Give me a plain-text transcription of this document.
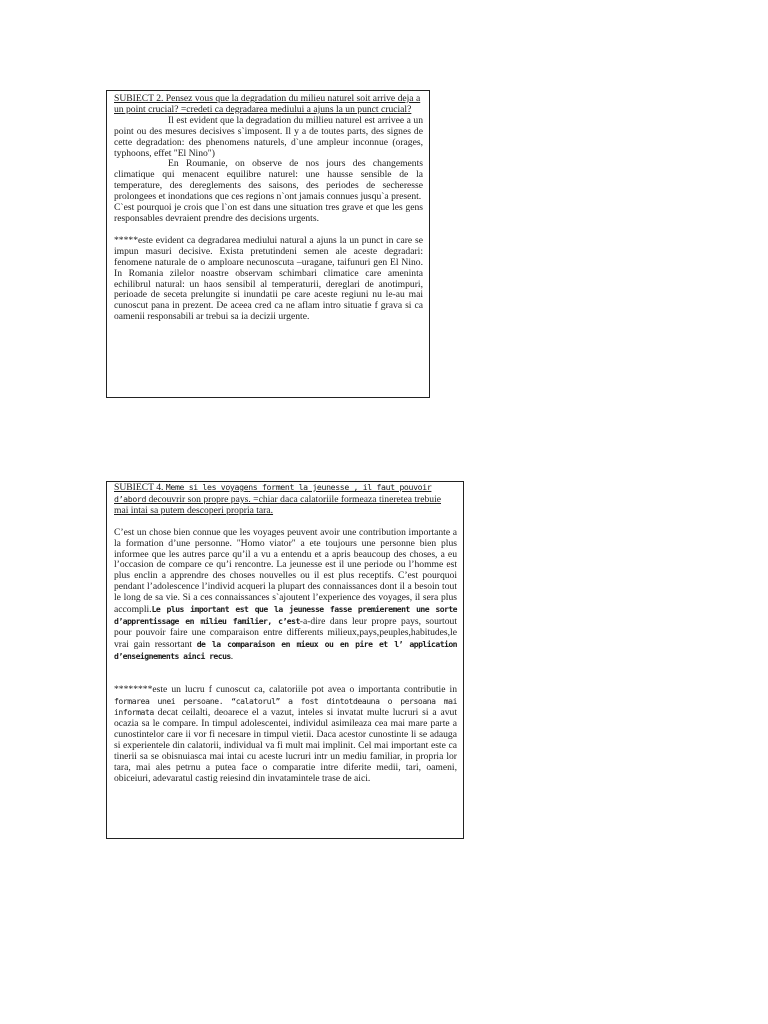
SUBIECT 2. Pensez vous que la degradation du milieu naturel soit arrive deja a un point crucial? =credeti ca degradarea mediului a ajuns la un punct crucial?

Il est evident que la degradation du millieu naturel est arrivee a un point ou des mesures decisives s`imposent. Il y a de toutes parts, des signes de cette degradation: des phenomens naturels, d`une ampleur inconnue (orages, typhoons, effet "El Nino")

En Roumanie, on observe de nos jours des changements climatique qui menacent equilibre naturel: une hausse sensible de la temperature, des dereglements des saisons, des periodes de secheresse prolongees et inondations que ces regions n`ont jamais connues jusqu`a present.

C`est pourquoi je crois que l`on est dans une situation tres grave et que les gens responsables devraient prendre des decisions urgents.

*****este evident ca degradarea mediului natural a ajuns la un punct in care se impun masuri decisive. Exista pretutindeni semen ale aceste degradari: fenomene naturale de o amploare necunoscuta –uragane, taifunuri gen El Nino. In Romania zilelor noastre observam schimbari climatice care ameninta echilibrul natural: un haos sensibil al temperaturii, dereglari de anotimpuri, perioade de seceta prelungite si inundatii pe care aceste regiuni nu le-au mai cunoscut pana in prezent. De aceea cred ca ne aflam intro situatie f grava si ca oamenii responsabili ar trebui sa ia decizii urgente.

SUBIECT 4. Meme si les voyagens forment la jeunesse , il faut pouvoir d’abord decouvrir son propre pays. =chiar daca calatoriile formeaza tineretea trebuie mai intai sa putem descoperi propria tara.

C’est un chose bien connue que les voyages peuvent avoir une contribution importante a la formation d’une personne. "Homo viator" a ete toujours une personne bien plus informee que les autres parce qu’il a vu a entendu et a apris beaucoup des choses, a eu l’occasion de compare ce qu’i rencontre. La jeunesse est il une periode ou l’homme est plus enclin a apprendre des choses nouvelles ou il est plus receptifs. C’est pourquoi pendant l’adolescence l’individ acqueri la plupart des connaissances dont il a besoin tout le long de sa vie. Si a ces connaissances s`ajoutent l’experience des voyages, il sera plus accompli.Le plus important est que la jeunesse fasse premierement une sorte d’apprentissage en milieu familier, c’est-a-dire dans leur propre pays, sourtout pour pouvoir faire une comparaison entre differents milieux,pays,peuples,habitudes,le vrai gain ressortant de la comparaison en mieux ou en pire et l’ application d’enseignements ainci recus.

********este un lucru f cunoscut ca, calatoriile pot avea o importanta contributie in formarea unei persoane. “calatorul” a fost dintotdeauna o persoana mai informata decat ceilalti, deoarece el a vazut, inteles si invatat multe lucruri si a avut ocazia sa le compare. In timpul adolescentei, individul asimileaza cea mai mare parte a cunostintelor care ii vor fi necesare in timpul vietii. Daca acestor cunostinte li se adauga si experientele din calatorii, individual va fi mult mai implinit. Cel mai important este ca tinerii sa se obisnuiasca mai intai cu aceste lucruri intr un mediu familiar, in propria lor tara, mai ales petrnu a putea face o comparatie intre diferite medii, tari, oameni, obiceiuri, adevaratul castig reiesind din invatamintele trase de aici.
